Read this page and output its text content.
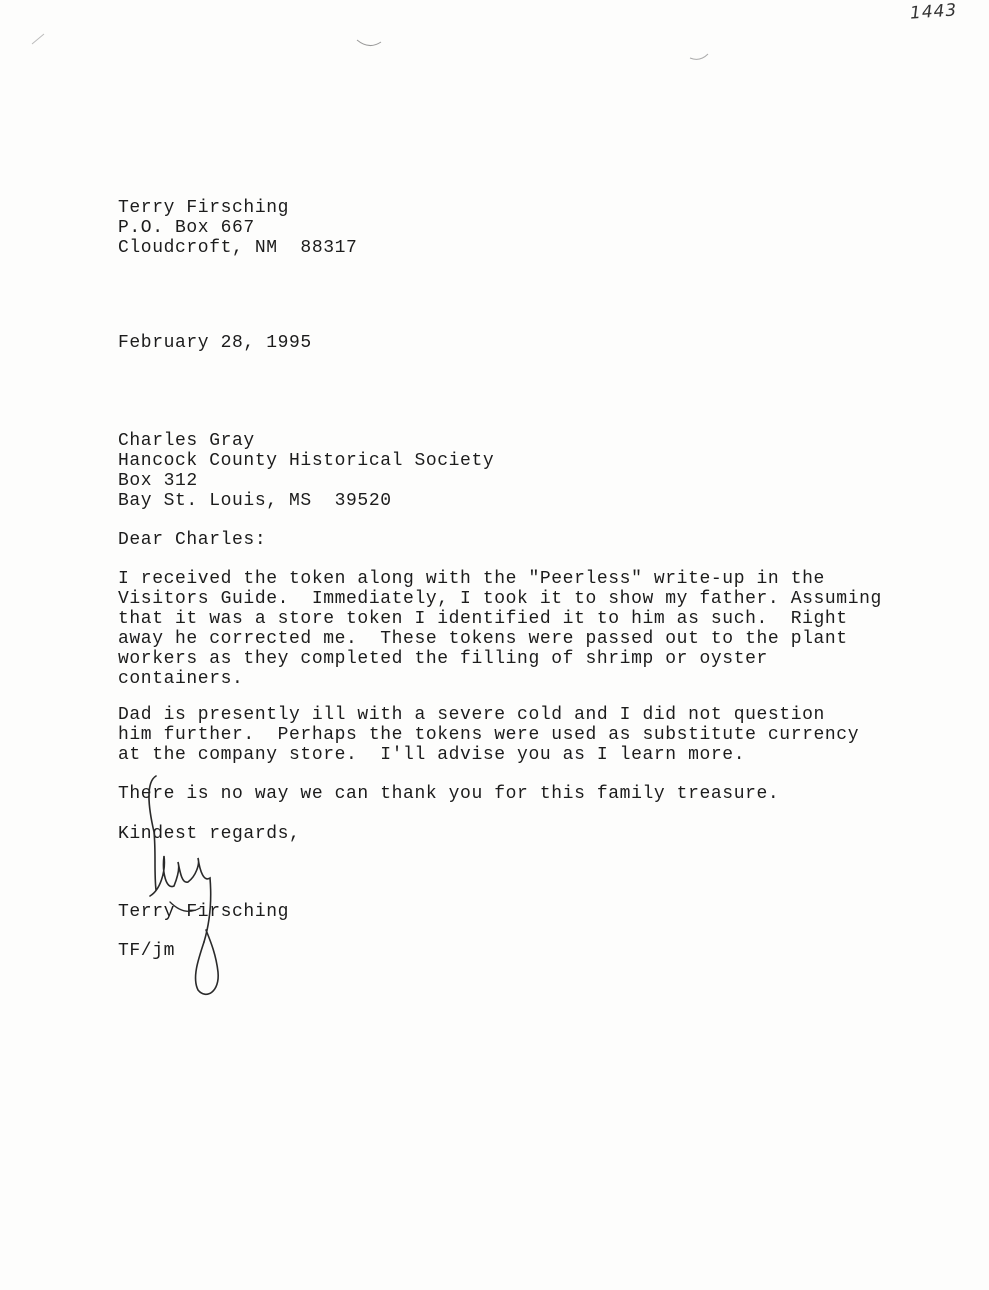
1443
Terry Firsching
P.O. Box 667
Cloudcroft, NM  88317
February 28, 1995
Charles Gray
Hancock County Historical Society
Box 312
Bay St. Louis, MS  39520
Dear Charles:
I received the token along with the "Peerless" write-up in the
Visitors Guide.  Immediately, I took it to show my father. Assuming
that it was a store token I identified it to him as such.  Right
away he corrected me.  These tokens were passed out to the plant
workers as they completed the filling of shrimp or oyster
containers.
Dad is presently ill with a severe cold and I did not question
him further.  Perhaps the tokens were used as substitute currency
at the company store.  I'll advise you as I learn more.
There is no way we can thank you for this family treasure.
Kindest regards,
Terry Firsching
TF/jm
